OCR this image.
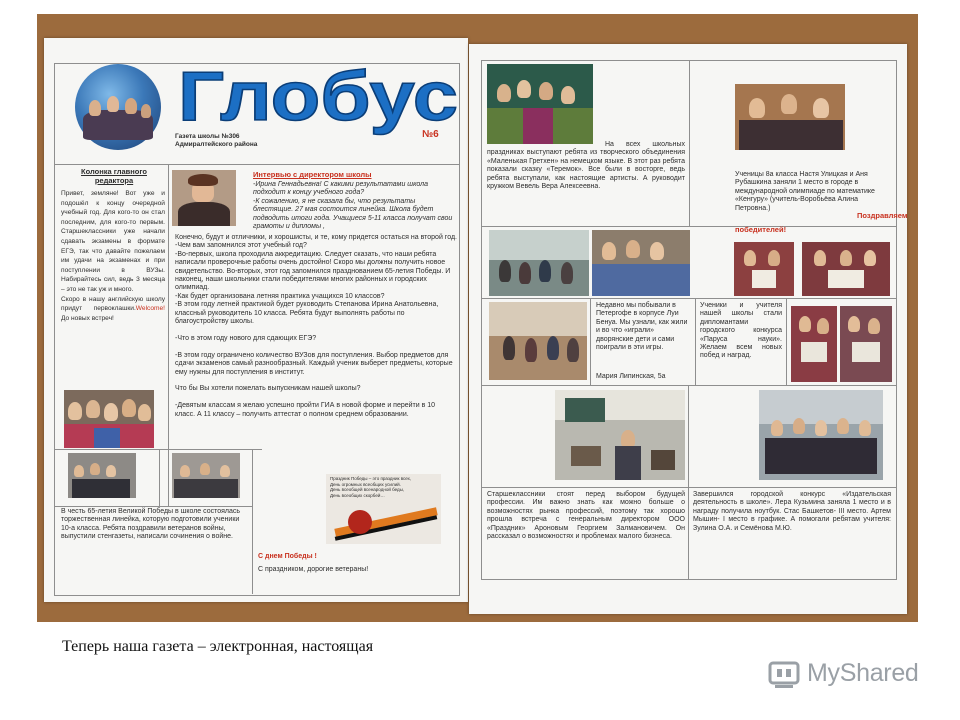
Глобус
Газета школы №306
Адмиралтейского района
№6
Колонка главного
редактора
Привет, земляне! Вот уже и подошёл к концу очередной учебный год. Для кого-то он стал последним, для кого-то первым. Старшеклассники уже начали сдавать экзамены в формате ЕГЭ, так что давайте пожелаем им удачи на экзаменах и при поступлении в ВУЗы. Набирайтесь сил, ведь 3 месяца – это не так уж и много.
Скоро в нашу английскую школу придут первоклашки.Welcome! До новых встреч!
Интервью с директором школы
-Ирина Геннадьевна! С какими результатами школа подходит к концу учебного года?
-К сожалению, я не сказала бы, что результаты блестящие. 27 мая состоится линейка. Школа будет подводить итоги года. Учащиеся 5-11 класса получат свои грамоты и дипломы ,
Конечно, будут и отличники, и хорошисты, и те, кому придется остаться на второй год.
-Чем вам запомнился этот учебный год?
-Во-первых, школа проходила аккредитацию. Следует сказать, что наши ребята написали проверочные работы очень достойно! Скоро мы должны получить новое свидетельство. Во-вторых, этот год запомнился празднованием 65-летия Победы. И наконец, наши школьники стали победителями многих районных и городских олимпиад.
-Как будет организована летняя практика учащихся 10 классов?
-В этом году летней практикой будет руководить Степанова Ирина Анатольевна, классный руководитель 10 класса. Ребята будут выполнять работы по благоустройству школы.

-Что в этом году нового для сдающих ЕГЭ?

-В этом году ограничено количество ВУЗов для поступления. Выбор предметов для сдачи экзаменов самый разнообразный. Каждый ученик выберет предметы, которые ему нужны для поступления в институт.

Что бы Вы хотели пожелать выпускникам нашей школы?

-Девятым классам я желаю успешно пройти ГИА в новой форме и перейти в 10 класс. А 11 классу – получить аттестат о полном среднем образовании.
В честь 65-летия Великой Победы в школе состоялась торжественная линейка, которую подготовили ученики 10-а класса. Ребята поздравили ветеранов войны, выпустили стенгазеты, написали сочинения о войне.
Праздник Победы – это праздник всех,
День огромных всеобщих усилий.
День всеобщей всенародной беды,
День всеобщих скорбей…
С днем Победы !
С праздником, дорогие ветераны!
На всех школьных праздниках выступают ребята из творческого объединения «Маленькая Гретхен» на немецком языке. В этот раз ребята показали сказку «Теремок». Все были в восторге, ведь ребята выступали, как настоящие артисты. А руководит кружком Вевель Вера Алексеевна.
Ученицы 8а класса Настя Улицкая и Аня Рубашкина заняли 1 место в городе в международной олимпиаде по математике «Кенгуру» (учитель-Воробьёва Алина Петровна.)
Поздравляем
победителей!
Недавно мы побывали в Петергофе в корпусе Луи Бенуа. Мы узнали, как жили и во что «играли» дворянские дети и сами поиграли в эти игры.
Мария Липинская, 5а
Ученики и учителя нашей школы стали дипломантами городского конкурса «Паруса науки». Желаем всем новых побед и наград.
Старшеклассники стоят перед выбором будущей профессии. Им важно знать как можно больше о возможностях рынка профессий, поэтому так хорошо прошла встреча с генеральным директором ООО «Праздник» Ароновым Георгием Залмановичем. Он рассказал о возможностях и проблемах малого бизнеса.
Завершился городской конкурс «Издательская деятельность в школе». Лера Кузьмина заняла 1 место и в награду получила ноутбук. Стас Башкетов- III место. Артем Мышин- I место в графике. А помогали ребятам учителя: Зулина О.А. и Семёнова М.Ю.
Теперь наша газета – электронная, настоящая
MyShared
